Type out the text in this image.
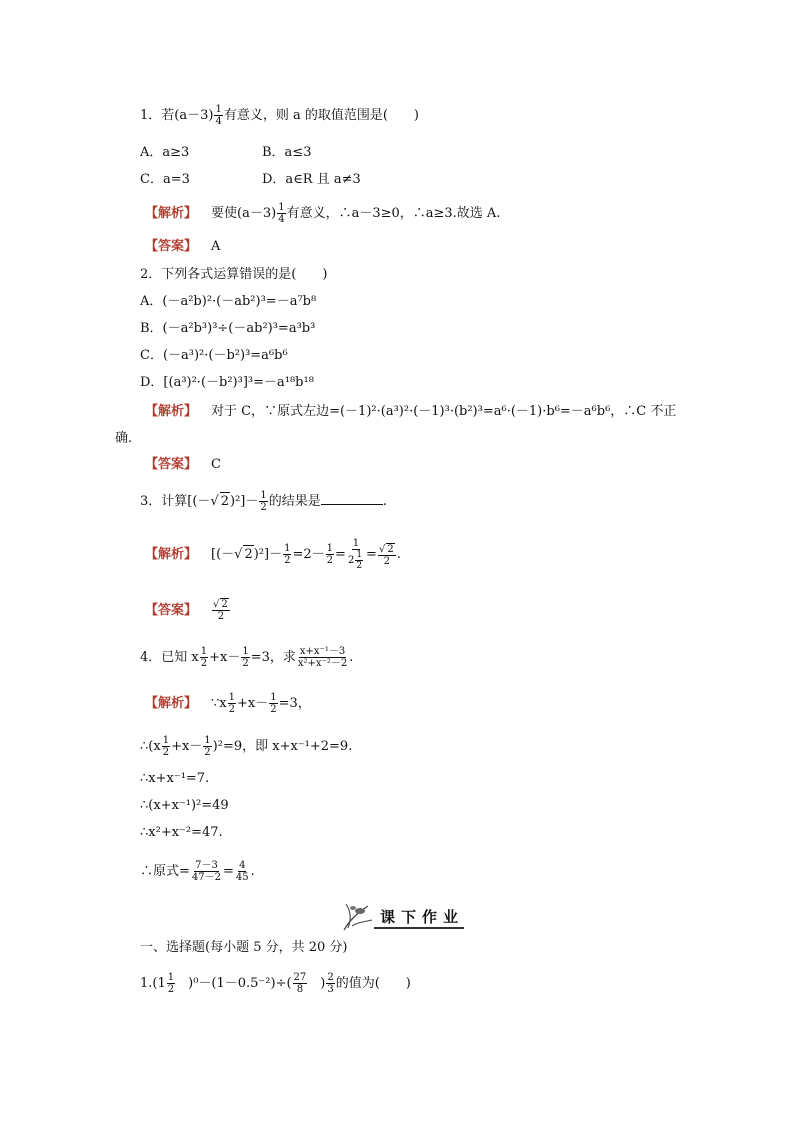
1．若$(a-3) \frac{1}{4}$ 有意义，则 a 的取值范围是(　　)
A．a≥3	B．a≤3
C．a=3	D．a∈R 且 a≠3
【解析】 要使$(a-3) \frac{1}{4}$ 有意义，∴a－3≥0，∴a≥3.故选 A.
【答案】 A
2．下列各式运算错误的是(　　)
A．(－a²b)²·(－ab²)³=－a⁷b⁸
B．(－a²b³)³÷(－ab²)³=a³b³
C．(－a³)²·(－b²)³=a⁶b⁶
D．[(a³)²·(－b²)³]³=－a¹⁸b¹⁸
【解析】 对于 C，∵原式左边=(－1)²·(a³)²·(－1)³·(b²)³=a⁶·(－1)·b⁶=－a⁶b⁶，∴C 不正
确.
【答案】 C
3．计算[(－√ $2)^2]- \frac{1}{2}$ 的结果是	.
【解析】 [(－√ $2)^2]- \frac{1}{2} =2- \frac{1}{2} = \frac{1}{2 \frac{1}{2}} = \frac{√ 2}{2}$ .
【答案】 $\frac{√ 2}{2}$
4．已知 x $\frac{1}{2} +x- \frac{1}{2} =3$，求 $\frac{\text{x+x⁻¹－3}}{\text{x²+x⁻²－2}}$ .
【解析】 ∵x $\frac{1}{2} +x- \frac{1}{2} =3$，
∴(x $\frac{1}{2} +x- \frac{1}{2} )^2=9$，即 x+x⁻¹+2=9.
∴x+x⁻¹=7.
∴(x+x⁻¹)²=49
∴x²+x⁻²=47.
∴原式= $\frac{7-3}{47-2} = \frac{4}{45}$ .
课下作业
一、选择题(每小题 5 分，共 20 分)
$1.(1 \frac{1}{2} )^0-(1-0.5^{-2})\div( \frac{27}{8}$ ) $\frac{2}{3}$ 的值为(　　)
